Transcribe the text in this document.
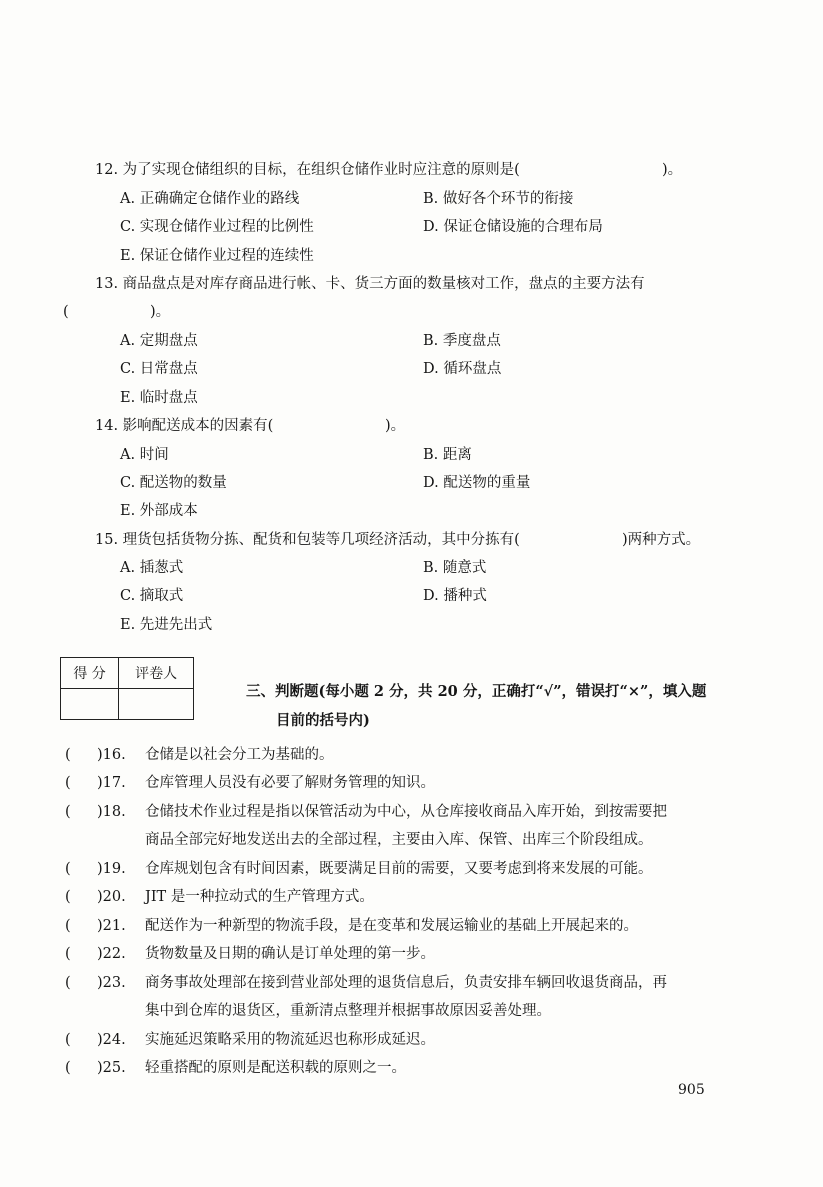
12. 为了实现仓储组织的目标，在组织仓储作业时应注意的原则是(	)。
A. 正确确定仓储作业的路线	B. 做好各个环节的衔接
C. 实现仓储作业过程的比例性	D. 保证仓储设施的合理布局
E. 保证仓储作业过程的连续性
13. 商品盘点是对库存商品进行帐、卡、货三方面的数量核对工作，盘点的主要方法有
(	)。
A. 定期盘点	B. 季度盘点
C. 日常盘点	D. 循环盘点
E. 临时盘点
14. 影响配送成本的因素有(	)。
A. 时间	B. 距离
C. 配送物的数量	D. 配送物的重量
E. 外部成本
15. 理货包括货物分拣、配货和包装等几项经济活动，其中分拣有(	)两种方式。
A. 插葱式	B. 随意式
C. 摘取式	D. 播种式
E. 先进先出式
得 分	评卷人

三、判断题(每小题 2 分，共 20 分，正确打“√”，错误打“×”，填入题
目前的括号内)
( )16. 仓储是以社会分工为基础的。
( )17. 仓库管理人员没有必要了解财务管理的知识。
( )18. 仓储技术作业过程是指以保管活动为中心，从仓库接收商品入库开始，到按需要把
商品全部完好地发送出去的全部过程，主要由入库、保管、出库三个阶段组成。
( )19. 仓库规划包含有时间因素，既要满足目前的需要，又要考虑到将来发展的可能。
( )20. JIT 是一种拉动式的生产管理方式。
( )21. 配送作为一种新型的物流手段，是在变革和发展运输业的基础上开展起来的。
( )22. 货物数量及日期的确认是订单处理的第一步。
( )23. 商务事故处理部在接到营业部处理的退货信息后，负责安排车辆回收退货商品，再
集中到仓库的退货区，重新清点整理并根据事故原因妥善处理。
( )24. 实施延迟策略采用的物流延迟也称形成延迟。
( )25. 轻重搭配的原则是配送积载的原则之一。
905
